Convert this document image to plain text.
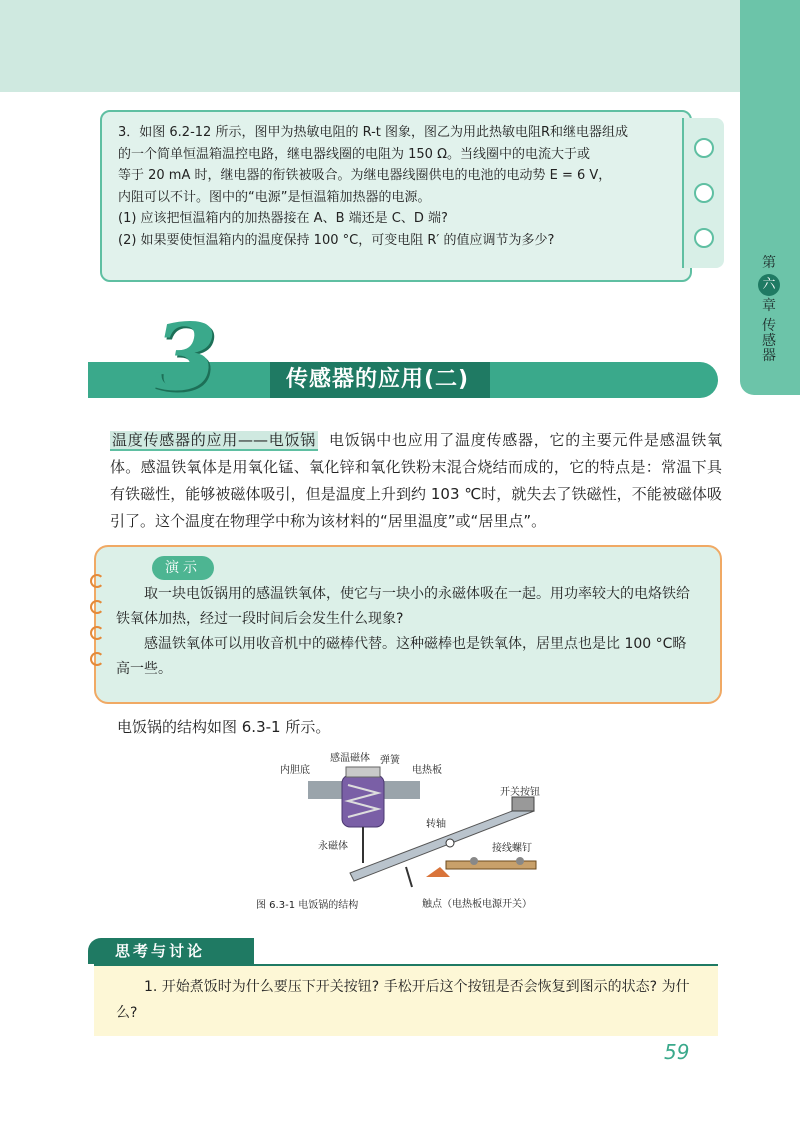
第
六
章
传
感
器

3．如图 6.2-12 所示，图甲为热敏电阻的 R-t 图象，图乙为用此热敏电阻R和继电器组成

的一个简单恒温箱温控电路，继电器线圈的电阻为 150 Ω。当线圈中的电流大于或

等于 20 mA 时，继电器的衔铁被吸合。为继电器线圈供电的电池的电动势 E = 6 V，

内阻可以不计。图中的“电源”是恒温箱加热器的电源。

(1) 应该把恒温箱内的加热器接在 A、B 端还是 C、D 端?

(2) 如果要使恒温箱内的温度保持 100 °C，可变电阻 R′ 的值应调节为多少?

3	传感器的应用(二)
温度传感器的应用——电饭锅 电饭锅中也应用了温度传感器，它的主要元件是感温铁氧体。感温铁氧体是用氧化锰、氧化锌和氧化铁粉末混合烧结而成的，它的特点是：常温下具有铁磁性，能够被磁体吸引，但是温度上升到约 103 ℃时，就失去了铁磁性，不能被磁体吸引了。这个温度在物理学中称为该材料的“居里温度”或“居里点”。
演示

取一块电饭锅用的感温铁氧体，使它与一块小的永磁体吸在一起。用功率较大的电烙铁给铁氧体加热，经过一段时间后会发生什么现象?

感温铁氧体可以用收音机中的磁棒代替。这种磁棒也是铁氧体，居里点也是比 100 °C略高一些。

电饭锅的结构如图 6.3-1 所示。
内胆底
感温磁体 弹簧
电热板
开关按钮
转轴
永磁体	接线螺钉
触点（电热板电源开关）
图 6.3-1 电饭锅的结构
思考与讨论

1. 开始煮饭时为什么要压下开关按钮? 手松开后这个按钮是否会恢复到图示的状态? 为什么?

59
